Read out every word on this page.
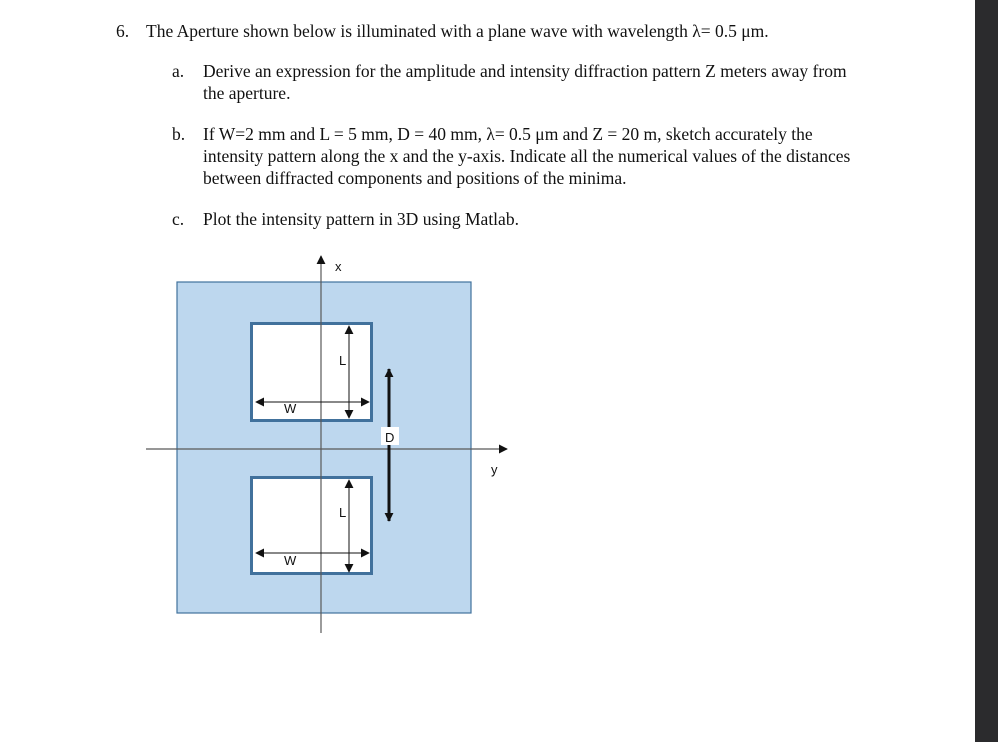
6. The Aperture shown below is illuminated with a plane wave with wavelength λ= 0.5 μm.
a. Derive an expression for the amplitude and intensity diffraction pattern Z meters away from the aperture.
b. If W=2 mm and L = 5 mm, D = 40 mm, λ= 0.5 μm and Z = 20 m, sketch accurately the intensity pattern along the x and the y-axis. Indicate all the numerical values of the distances between diffracted components and positions of the minima.
c. Plot the intensity pattern in 3D using Matlab.
x
y
W
L
W
L
D
